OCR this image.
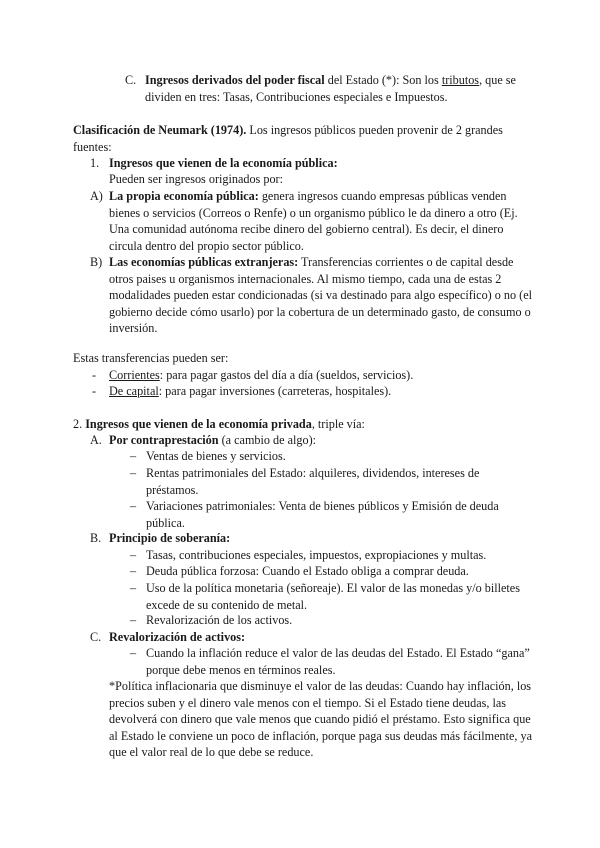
C. Ingresos derivados del poder fiscal del Estado (*): Son los tributos, que se dividen en tres: Tasas, Contribuciones especiales e Impuestos.

Clasificación de Neumark (1974). Los ingresos públicos pueden provenir de 2 grandes fuentes:

1. Ingresos que vienen de la economía pública:

Pueden ser ingresos originados por:

A) La propia economía pública: genera ingresos cuando empresas públicas venden bienes o servicios (Correos o Renfe) o un organismo público le da dinero a otro (Ej. Una comunidad autónoma recibe dinero del gobierno central). Es decir, el dinero circula dentro del propio sector público.

B) Las economías públicas extranjeras: Transferencias corrientes o de capital desde otros paises u organismos internacionales. Al mismo tiempo, cada una de estas 2 modalidades pueden estar condicionadas (si va destinado para algo específico) o no (el gobierno decide cómo usarlo) por la cobertura de un determinado gasto, de consumo o inversión.

Estas transferencias pueden ser:

- Corrientes: para pagar gastos del día a día (sueldos, servicios).

- De capital: para pagar inversiones (carreteras, hospitales).

2. Ingresos que vienen de la economía privada, triple vía:

A. Por contraprestación (a cambio de algo):

– Ventas de bienes y servicios.

– Rentas patrimoniales del Estado: alquileres, dividendos, intereses de préstamos.

– Variaciones patrimoniales: Venta de bienes públicos y Emisión de deuda pública.

B. Principio de soberanía:

– Tasas, contribuciones especiales, impuestos, expropiaciones y multas.

– Deuda pública forzosa: Cuando el Estado obliga a comprar deuda.

– Uso de la política monetaria (señoreaje). El valor de las monedas y/o billetes excede de su contenido de metal.

– Revalorización de los activos.

C. Revalorización de activos:

– Cuando la inflación reduce el valor de las deudas del Estado. El Estado “gana” porque debe menos en términos reales.

*Política inflacionaria que disminuye el valor de las deudas: Cuando hay inflación, los precios suben y el dinero vale menos con el tiempo. Si el Estado tiene deudas, las devolverá con dinero que vale menos que cuando pidió el préstamo. Esto significa que al Estado le conviene un poco de inflación, porque paga sus deudas más fácilmente, ya que el valor real de lo que debe se reduce.
